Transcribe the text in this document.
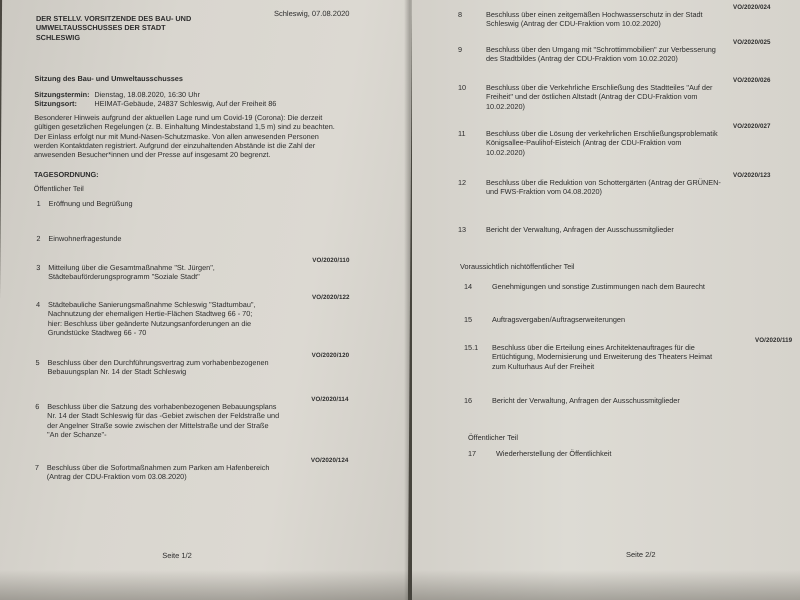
DER STELLV. VORSITZENDE DES BAU- UND
UMWELTAUSSCHUSSES DER STADT
SCHLESWIG
Schleswig, 07.08.2020
Sitzung des Bau- und Umweltausschusses
Sitzungstermin: Dienstag, 18.08.2020, 16:30 Uhr
Sitzungsort: HEIMAT-Gebäude, 24837 Schleswig, Auf der Freiheit 86
Besonderer Hinweis aufgrund der aktuellen Lage rund um Covid-19 (Corona): Die derzeit
gültigen gesetzlichen Regelungen (z. B. Einhaltung Mindestabstand 1,5 m) sind zu beachten.
Der Einlass erfolgt nur mit Mund-Nasen-Schutzmaske. Von allen anwesenden Personen
werden Kontaktdaten registriert. Aufgrund der einzuhaltenden Abstände ist die Zahl der
anwesenden Besucher*innen und der Presse auf insgesamt 20 begrenzt.
TAGESORDNUNG:
Öffentlicher Teil
1 Eröffnung und Begrüßung
2 Einwohnerfragestunde
3 Mitteilung über die Gesamtmaßnahme "St. Jürgen",
Städtebauförderungsprogramm "Soziale Stadt"
VO/2020/110
4 Städtebauliche Sanierungsmaßnahme Schleswig "Stadtumbau",
Nachnutzung der ehemaligen Hertie-Flächen Stadtweg 66 - 70;
hier: Beschluss über geänderte Nutzungsanforderungen an die
Grundstücke Stadtweg 66 - 70
VO/2020/122
5 Beschluss über den Durchführungsvertrag zum vorhabenbezogenen
Bebauungsplan Nr. 14 der Stadt Schleswig
VO/2020/120
6 Beschluss über die Satzung des vorhabenbezogenen Bebauungsplans
Nr. 14 der Stadt Schleswig für das -Gebiet zwischen der Feldstraße und
der Angelner Straße sowie zwischen der Mittelstraße und der Straße
"An der Schanze"-
VO/2020/114
7 Beschluss über die Sofortmaßnahmen zum Parken am Hafenbereich
(Antrag der CDU-Fraktion vom 03.08.2020)
VO/2020/124
Seite 1/2
8	Beschluss über einen zeitgemäßen Hochwasserschutz in der Stadt
Schleswig (Antrag der CDU-Fraktion vom 10.02.2020)
VO/2020/024
9	Beschluss über den Umgang mit "Schrottimmobilien" zur Verbesserung
des Stadtbildes (Antrag der CDU-Fraktion vom 10.02.2020)
VO/2020/025
10	Beschluss über die Verkehrliche Erschließung des Stadtteiles "Auf der
Freiheit" und der östlichen Altstadt (Antrag der CDU-Fraktion vom
10.02.2020)
VO/2020/026
11	Beschluss über die Lösung der verkehrlichen Erschließungsproblematik
Königsallee-Paulihof-Eisteich (Antrag der CDU-Fraktion vom
10.02.2020)
VO/2020/027
12	Beschluss über die Reduktion von Schottergärten (Antrag der GRÜNEN-
und FWS-Fraktion vom 04.08.2020)
VO/2020/123
13	Bericht der Verwaltung, Anfragen der Ausschussmitglieder
Voraussichtlich nichtöffentlicher Teil
14	Genehmigungen und sonstige Zustimmungen nach dem Baurecht
15	Auftragsvergaben/Auftragserweiterungen
15.1 Beschluss über die Erteilung eines Architektenauftrages für die
Ertüchtigung, Modernisierung und Erweiterung des Theaters Heimat
zum Kulturhaus Auf der Freiheit
VO/2020/119
16	Bericht der Verwaltung, Anfragen der Ausschussmitglieder
Öffentlicher Teil
17	Wiederherstellung der Öffentlichkeit
Seite 2/2
